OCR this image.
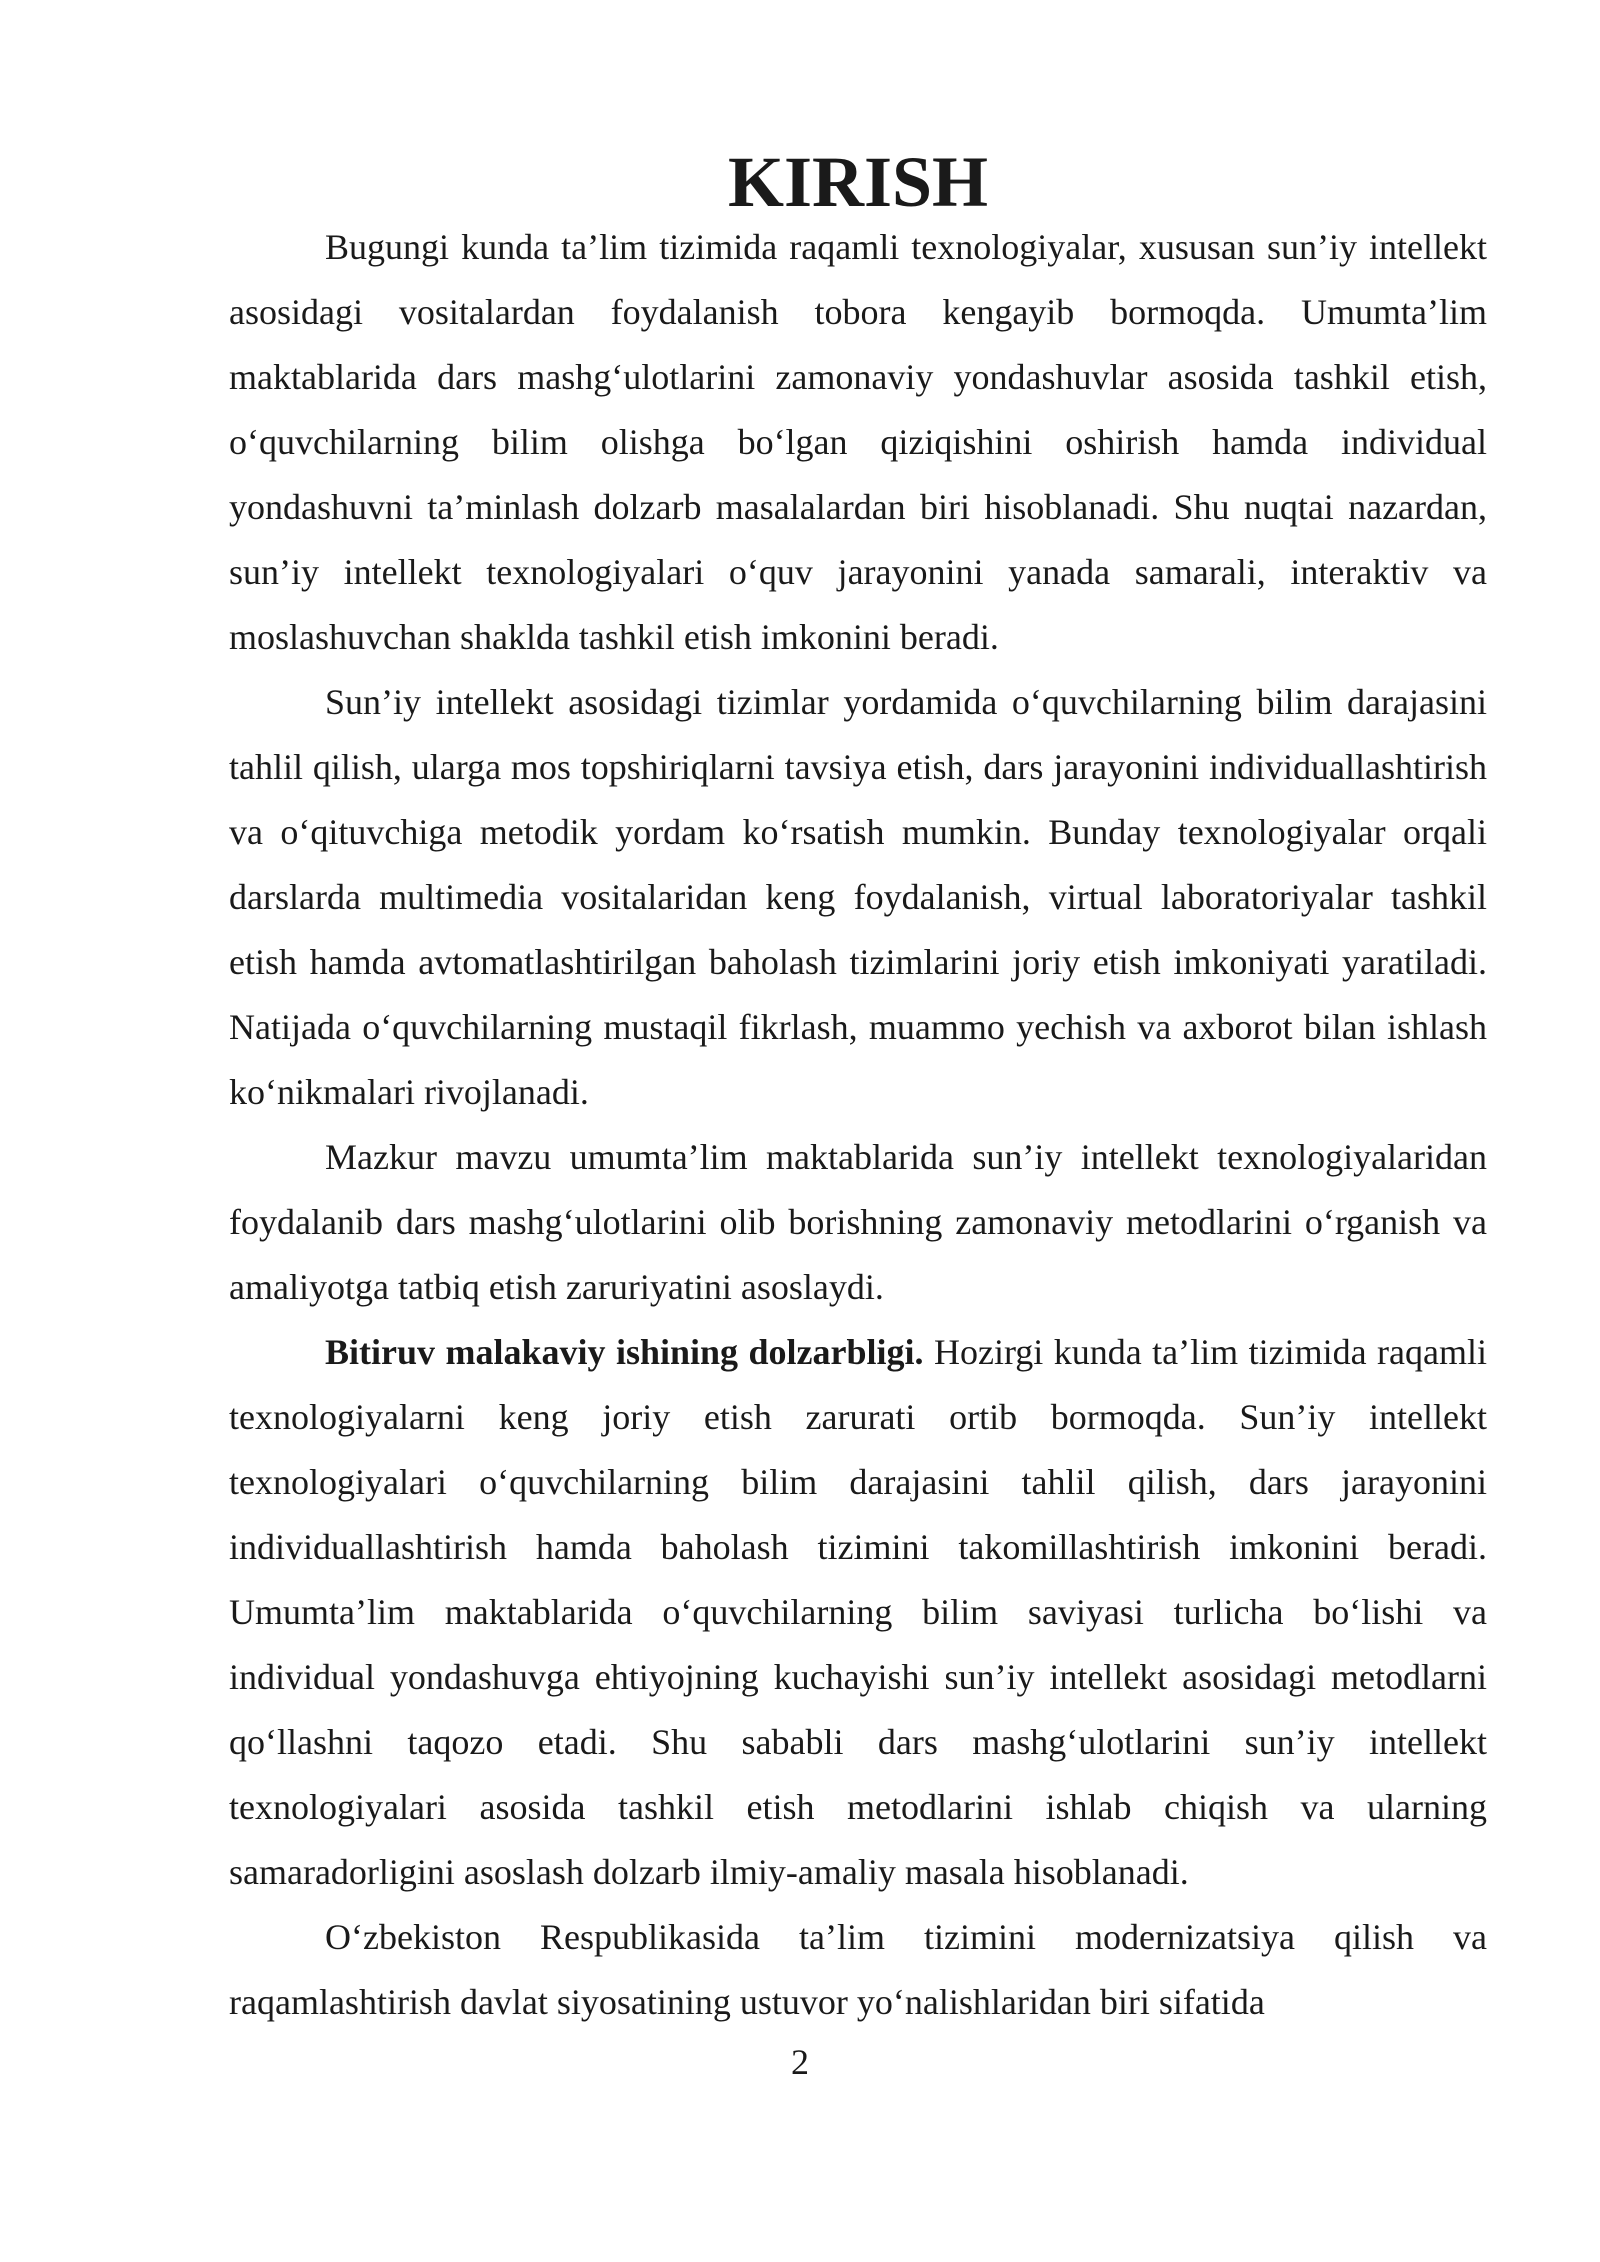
KIRISH

Bugungi kunda ta’lim tizimida raqamli texnologiyalar, xususan sun’iy intellekt asosidagi vositalardan foydalanish tobora kengayib bormoqda. Umumta’lim maktablarida dars mashg‘ulotlarini zamonaviy yondashuvlar asosida tashkil etish, o‘quvchilarning bilim olishga bo‘lgan qiziqishini oshirish hamda individual yondashuvni ta’minlash dolzarb masalalardan biri hisoblanadi. Shu nuqtai nazardan, sun’iy intellekt texnologiyalari o‘quv jarayonini yanada samarali, interaktiv va moslashuvchan shaklda tashkil etish imkonini beradi.

Sun’iy intellekt asosidagi tizimlar yordamida o‘quvchilarning bilim darajasini tahlil qilish, ularga mos topshiriqlarni tavsiya etish, dars jarayonini individuallashtirish va o‘qituvchiga metodik yordam ko‘rsatish mumkin. Bunday texnologiyalar orqali darslarda multimedia vositalaridan keng foydalanish, virtual laboratoriyalar tashkil etish hamda avtomatlashtirilgan baholash tizimlarini joriy etish imkoniyati yaratiladi. Natijada o‘quvchilarning mustaqil fikrlash, muammo yechish va axborot bilan ishlash ko‘nikmalari rivojlanadi.

Mazkur mavzu umumta’lim maktablarida sun’iy intellekt texnologiyalaridan foydalanib dars mashg‘ulotlarini olib borishning zamonaviy metodlarini o‘rganish va amaliyotga tatbiq etish zaruriyatini asoslaydi.

Bitiruv malakaviy ishining dolzarbligi. Hozirgi kunda ta’lim tizimida raqamli texnologiyalarni keng joriy etish zarurati ortib bormoqda. Sun’iy intellekt texnologiyalari o‘quvchilarning bilim darajasini tahlil qilish, dars jarayonini individuallashtirish hamda baholash tizimini takomillashtirish imkonini beradi. Umumta’lim maktablarida o‘quvchilarning bilim saviyasi turlicha bo‘lishi va individual yondashuvga ehtiyojning kuchayishi sun’iy intellekt asosidagi metodlarni qo‘llashni taqozo etadi. Shu sababli dars mashg‘ulotlarini sun’iy intellekt texnologiyalari asosida tashkil etish metodlarini ishlab chiqish va ularning samaradorligini asoslash dolzarb ilmiy-amaliy masala hisoblanadi.

O‘zbekiston Respublikasida ta’lim tizimini modernizatsiya qilish va raqamlashtirish davlat siyosatining ustuvor yo‘nalishlaridan biri sifatida

2
